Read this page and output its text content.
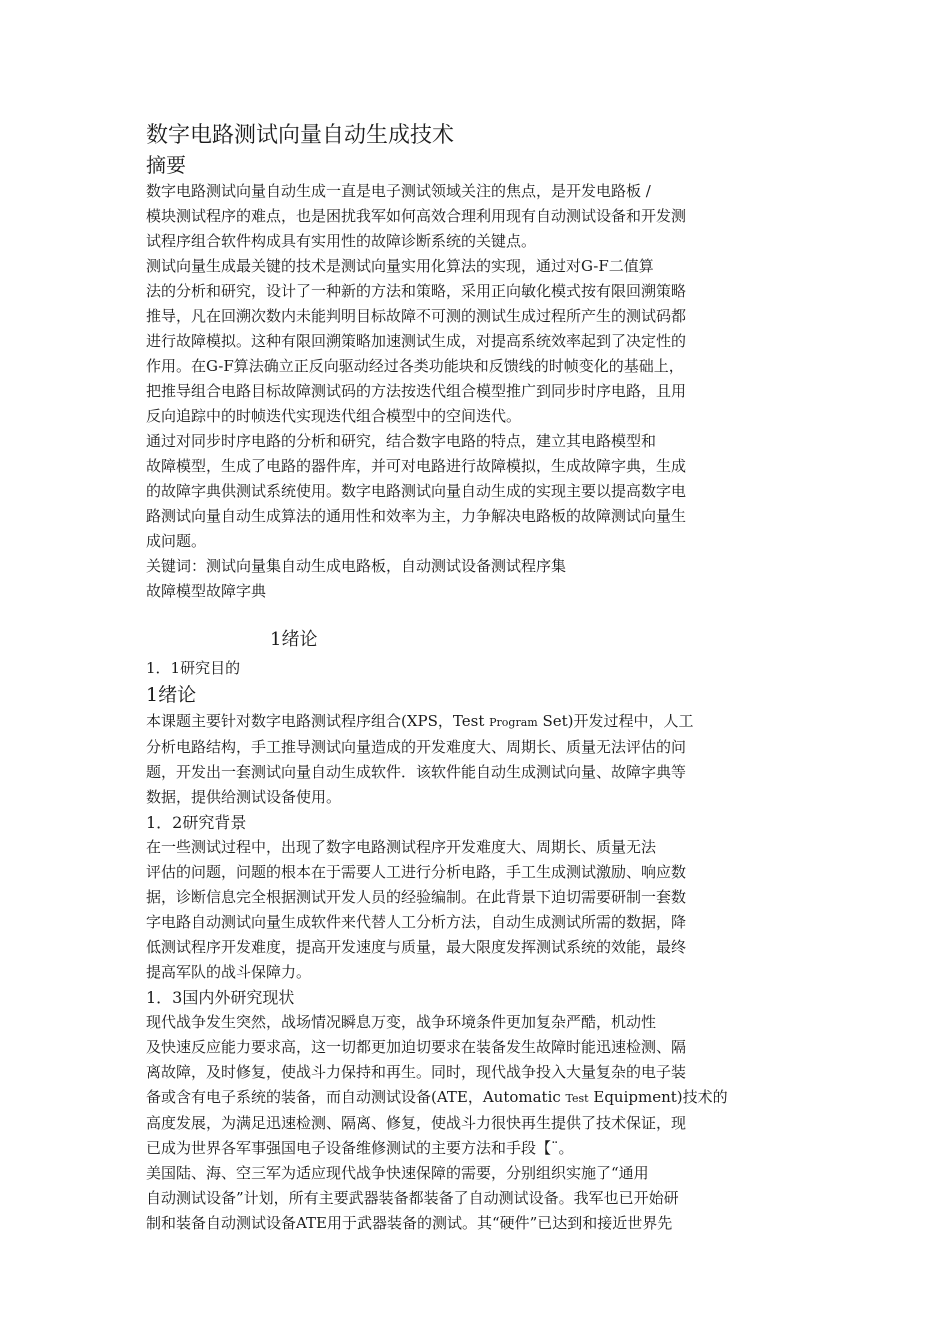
数字电路测试向量自动生成技术
摘要

数字电路测试向量自动生成一直是电子测试领域关注的焦点，是开发电路板 /

模块测试程序的难点，也是困扰我军如何高效合理利用现有自动测试设备和开发测

试程序组合软件构成具有实用性的故障诊断系统的关键点。

测试向量生成最关键的技术是测试向量实用化算法的实现，通过对G-F二值算

法的分析和研究，设计了一种新的方法和策略，采用正向敏化模式按有限回溯策略

推导，凡在回溯次数内未能判明目标故障不可测的测试生成过程所产生的测试码都

进行故障模拟。这种有限回溯策略加速测试生成，对提高系统效率起到了决定性的

作用。在G-F算法确立正反向驱动经过各类功能块和反馈线的时帧变化的基础上，

把推导组合电路目标故障测试码的方法按迭代组合模型推广到同步时序电路，且用

反向追踪中的时帧迭代实现迭代组合模型中的空间迭代。

通过对同步时序电路的分析和研究，结合数字电路的特点，建立其电路模型和

故障模型，生成了电路的器件库，并可对电路进行故障模拟，生成故障字典，生成

的故障字典供测试系统使用。数字电路测试向量自动生成的实现主要以提高数字电

路测试向量自动生成算法的通用性和效率为主，力争解决电路板的故障测试向量生

成问题。

关键词：测试向量集自动生成电路板，自动测试设备测试程序集

故障模型故障字典

1绪论

1．1研究目的

1绪论

本课题主要针对数字电路测试程序组合(XPS，Test Program Set)开发过程中，人工

分析电路结构，手工推导测试向量造成的开发难度大、周期长、质量无法评估的问

题，开发出一套测试向量自动生成软件．该软件能自动生成测试向量、故障字典等

数据，提供给测试设备使用。

1．2研究背景

在一些测试过程中，出现了数字电路测试程序开发难度大、周期长、质量无法

评估的问题，问题的根本在于需要人工进行分析电路，手工生成测试激励、响应数

据，诊断信息完全根据测试开发人员的经验编制。在此背景下迫切需要研制一套数

字电路自动测试向量生成软件来代替人工分析方法，自动生成测试所需的数据，降

低测试程序开发难度，提高开发速度与质量，最大限度发挥测试系统的效能，最终

提高军队的战斗保障力。

1．3国内外研究现状

现代战争发生突然，战场情况瞬息万变，战争环境条件更加复杂严酷，机动性

及快速反应能力要求高，这一切都更加迫切要求在装备发生故障时能迅速检测、隔

离故障，及时修复，使战斗力保持和再生。同时，现代战争投入大量复杂的电子装

备或含有电子系统的装备，而自动测试设备(ATE，Automatic Test Equipment)技术的

高度发展，为满足迅速检测、隔离、修复，使战斗力很快再生提供了技术保证，现

已成为世界各军事强国电子设备维修测试的主要方法和手段【¨。

美国陆、海、空三军为适应现代战争快速保障的需要，分别组织实施了“通用

自动测试设备”计划，所有主要武器装备都装备了自动测试设备。我军也已开始研

制和装备自动测试设备ATE用于武器装备的测试。其“硬件”已达到和接近世界先
